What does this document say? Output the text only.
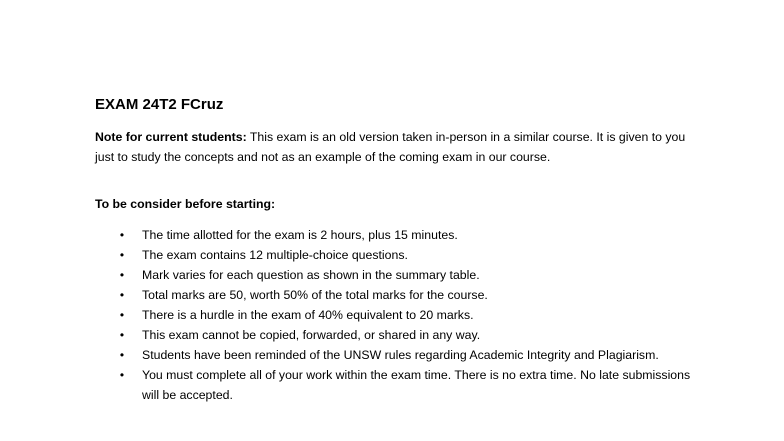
EXAM 24T2 FCruz

Note for current students: This exam is an old version taken in-person in a similar course. It is given to you just to study the concepts and not as an example of the coming exam in our course.

To be consider before starting:
• The time allotted for the exam is 2 hours, plus 15 minutes.
• The exam contains 12 multiple-choice questions.
• Mark varies for each question as shown in the summary table.
• Total marks are 50, worth 50% of the total marks for the course.
• There is a hurdle in the exam of 40% equivalent to 20 marks.
• This exam cannot be copied, forwarded, or shared in any way.
• Students have been reminded of the UNSW rules regarding Academic Integrity and Plagiarism.
• You must complete all of your work within the exam time. There is no extra time. No late submissions will be accepted.
